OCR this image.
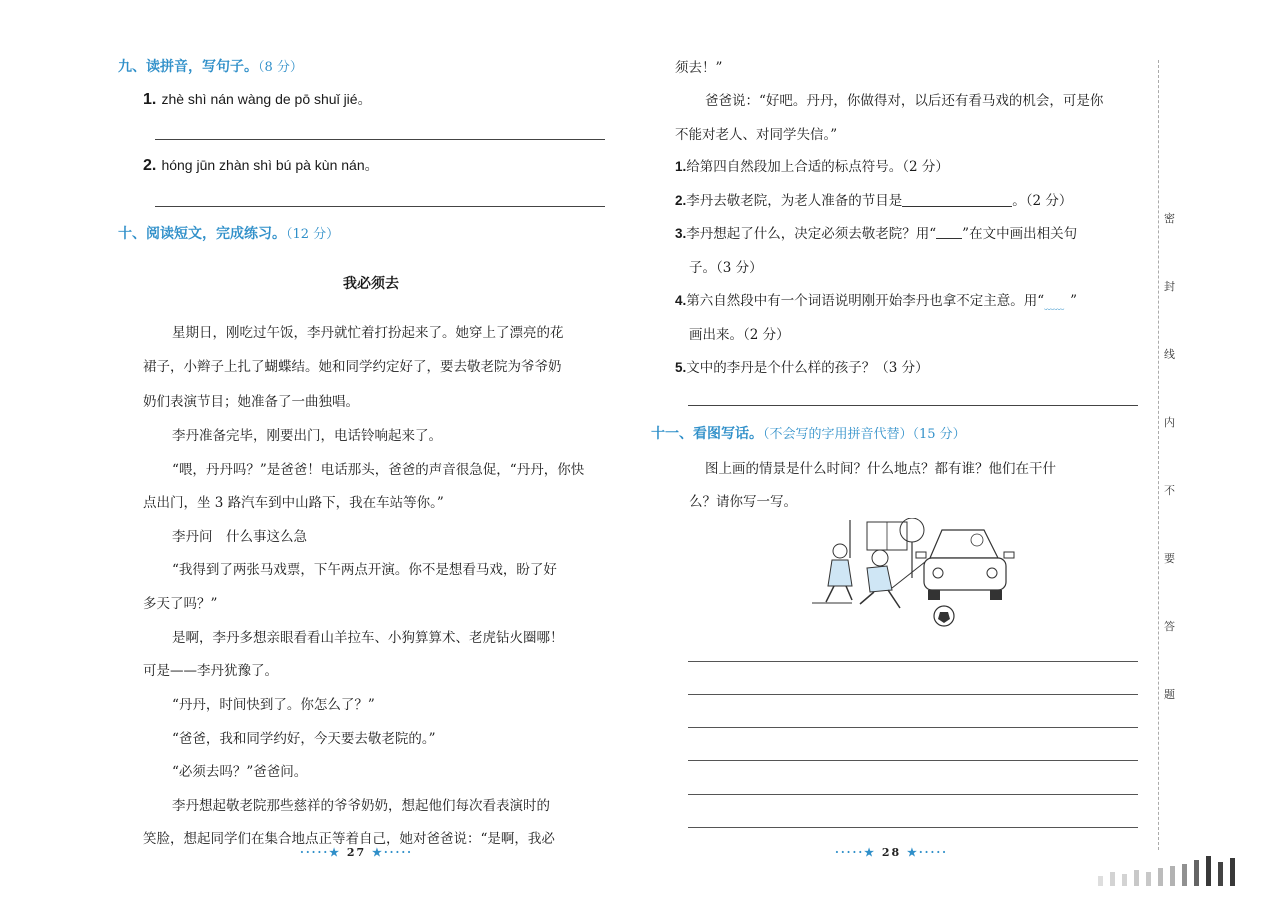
九、读拼音，写句子。（8 分）
1. zhè shì nán wàng de pō shuǐ jié。
2. hóng jūn zhàn shì bú pà kùn nán。
十、阅读短文，完成练习。（12 分）
我必须去
星期日，刚吃过午饭，李丹就忙着打扮起来了。她穿上了漂亮的花
裙子，小辫子上扎了蝴蝶结。她和同学约定好了，要去敬老院为爷爷奶
奶们表演节目；她准备了一曲独唱。
李丹准备完毕，刚要出门，电话铃响起来了。
“喂，丹丹吗？”是爸爸！电话那头，爸爸的声音很急促，“丹丹，你快
点出门，坐 3 路汽车到中山路下，我在车站等你。”
李丹问　什么事这么急
“我得到了两张马戏票，下午两点开演。你不是想看马戏，盼了好
多天了吗？”
是啊，李丹多想亲眼看看山羊拉车、小狗算算术、老虎钻火圈哪！
可是——李丹犹豫了。
“丹丹，时间快到了。你怎么了？”
“爸爸，我和同学约好，今天要去敬老院的。”
“必须去吗？”爸爸问。
李丹想起敬老院那些慈祥的爷爷奶奶，想起他们每次看表演时的
笑脸，想起同学们在集合地点正等着自己，她对爸爸说：“是啊，我必
·····★ 27 ★·····
须去！”
爸爸说：“好吧。丹丹，你做得对，以后还有看马戏的机会，可是你
不能对老人、对同学失信。”
1.给第四自然段加上合适的标点符号。（2 分）
2.李丹去敬老院，为老人准备的节目是	。（2 分）
3.李丹想起了什么，决定必须去敬老院？用“ ”在文中画出相关句
子。（3 分）
4.第六自然段中有一个词语说明刚开始李丹也拿不定主意。用“﹏﹏ ”
画出来。（2 分）
5.文中的李丹是个什么样的孩子？（3 分）
十一、看图写话。（不会写的字用拼音代替）（15 分）
图上画的情景是什么时间？什么地点？都有谁？他们在干什
么？请你写一写。
·····★ 28 ★·····
密
封
线
内
不
要
答
题
